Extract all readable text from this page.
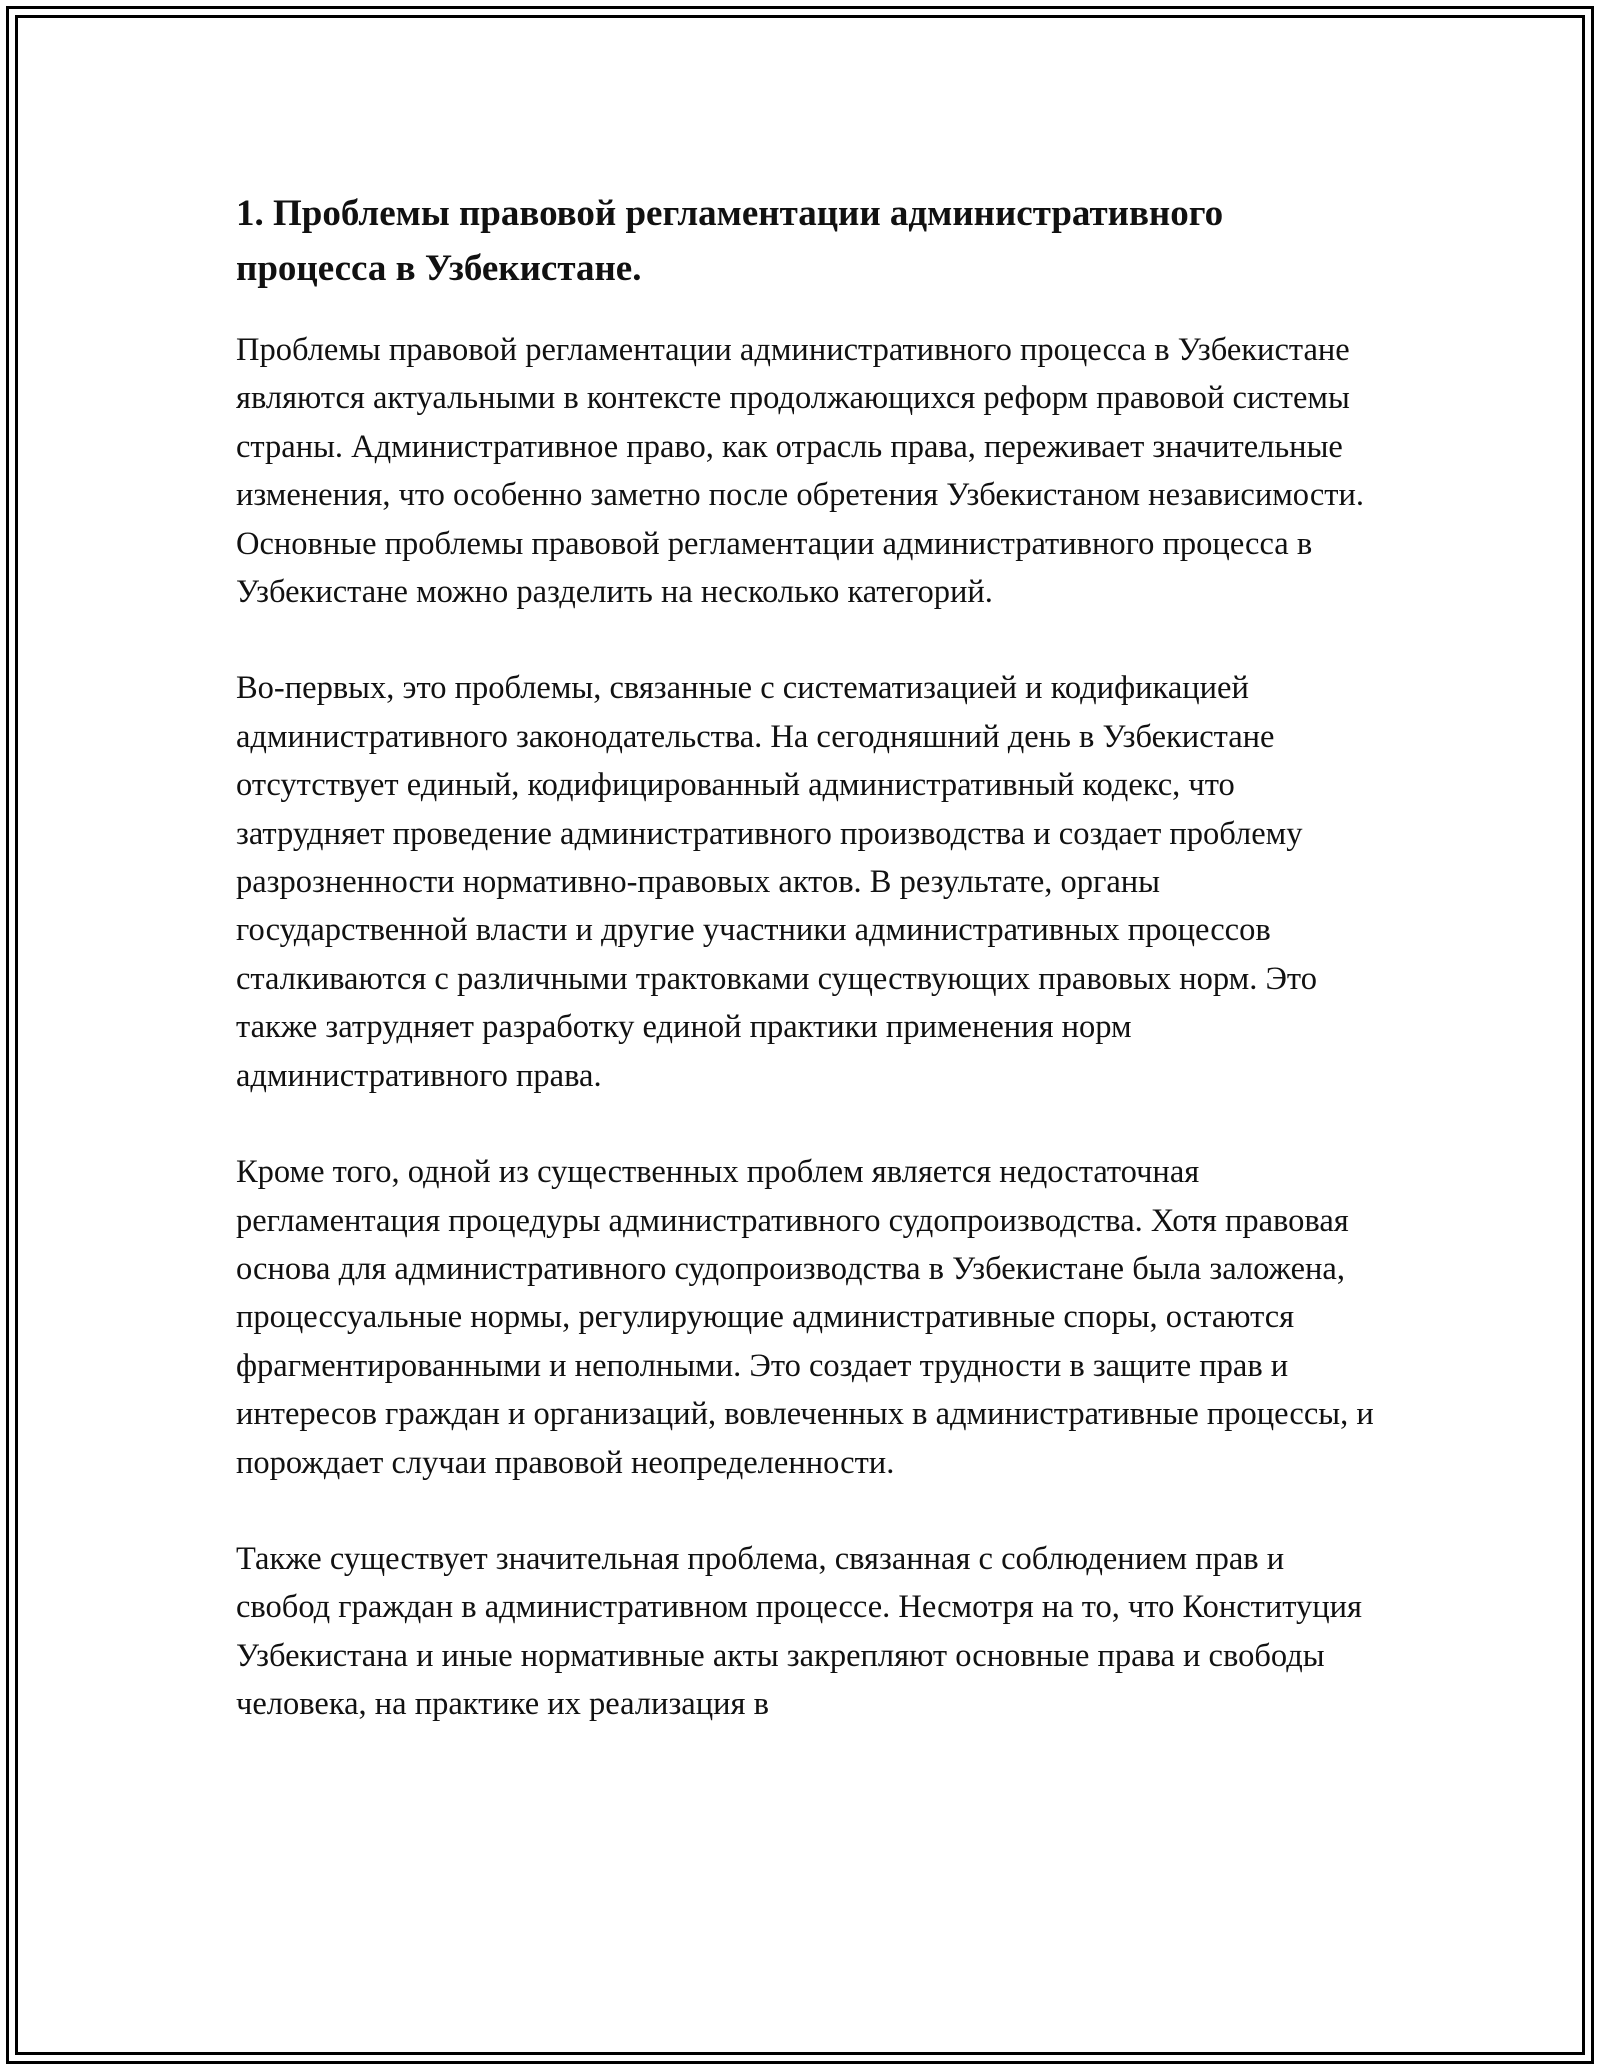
1. Проблемы правовой регламентации административного процесса в Узбекистане.

Проблемы правовой регламентации административного процесса в Узбекистане являются актуальными в контексте продолжающихся реформ правовой системы страны. Административное право, как отрасль права, переживает значительные изменения, что особенно заметно после обретения Узбекистаном независимости. Основные проблемы правовой регламентации административного процесса в Узбекистане можно разделить на несколько категорий.

Во-первых, это проблемы, связанные с систематизацией и кодификацией административного законодательства. На сегодняшний день в Узбекистане отсутствует единый, кодифицированный административный кодекс, что затрудняет проведение административного производства и создает проблему разрозненности нормативно-правовых актов. В результате, органы государственной власти и другие участники административных процессов сталкиваются с различными трактовками существующих правовых норм. Это также затрудняет разработку единой практики применения норм административного права.

Кроме того, одной из существенных проблем является недостаточная регламентация процедуры административного судопроизводства. Хотя правовая основа для административного судопроизводства в Узбекистане была заложена, процессуальные нормы, регулирующие административные споры, остаются фрагментированными и неполными. Это создает трудности в защите прав и интересов граждан и организаций, вовлеченных в административные процессы, и порождает случаи правовой неопределенности.

Также существует значительная проблема, связанная с соблюдением прав и свобод граждан в административном процессе. Несмотря на то, что Конституция Узбекистана и иные нормативные акты закрепляют основные права и свободы человека, на практике их реализация в
